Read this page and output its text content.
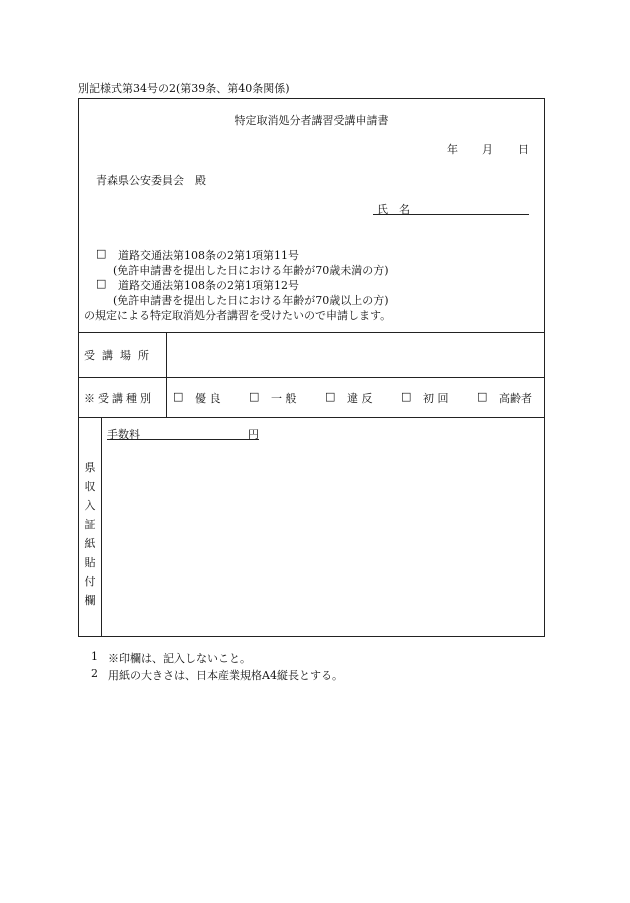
別記様式第34号の2(第39条、第40条関係)
特定取消処分者講習受講申請書
年 月 日
青森県公安委員会　殿
氏　名
□ 道路交通法第108条の2第1項第11号
(免許申請書を提出した日における年齢が70歳未満の方)
□ 道路交通法第108条の2第1項第12号
(免許申請書を提出した日における年齢が70歳以上の方)
の規定による特定取消処分者講習を受けたいので申請します。
受講場所
※受講種別 □ 優 良	□ 一 般	□ 違 反	□ 初 回	□ 高齢者
県
収
入
証
紙
貼
付
欄
手数料	円
1 ※印欄は、記入しないこと。
2 用紙の大きさは、日本産業規格A4縦長とする。
